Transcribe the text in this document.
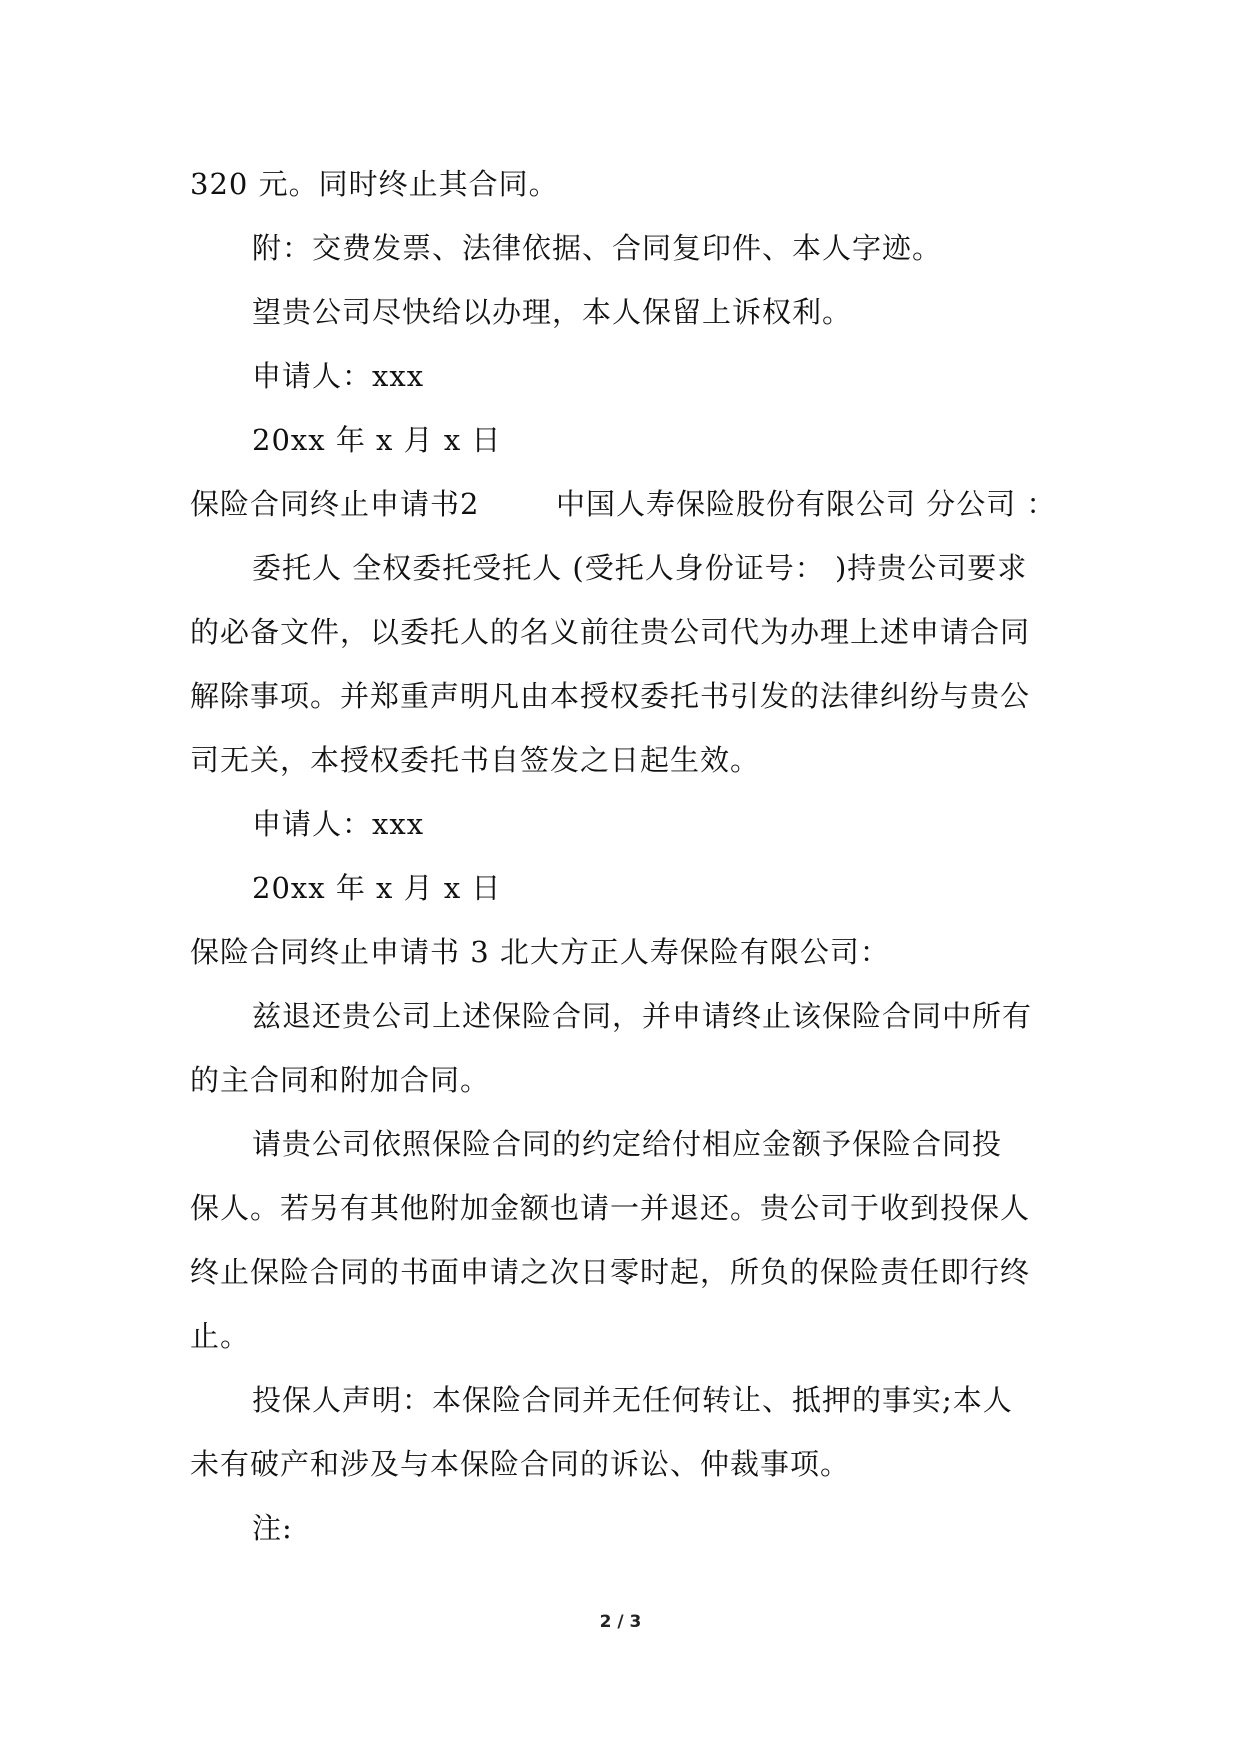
320 元。同时终止其合同。
附：交费发票、法律依据、合同复印件、本人字迹。
望贵公司尽快给以办理，本人保留上诉权利。
申请人：xxx
20xx 年 x 月 x 日
保险合同终止申请书2	中国人寿保险股份有限公司 分公司 ：
委托人 全权委托受托人 (受托人身份证号： )持贵公司要求
的必备文件，以委托人的名义前往贵公司代为办理上述申请合同
解除事项。并郑重声明凡由本授权委托书引发的法律纠纷与贵公
司无关，本授权委托书自签发之日起生效。
申请人：xxx
20xx 年 x 月 x 日
保险合同终止申请书 3 北大方正人寿保险有限公司：
兹退还贵公司上述保险合同，并申请终止该保险合同中所有
的主合同和附加合同。
请贵公司依照保险合同的约定给付相应金额予保险合同投
保人。若另有其他附加金额也请一并退还。贵公司于收到投保人
终止保险合同的书面申请之次日零时起，所负的保险责任即行终
止。
投保人声明：本保险合同并无任何转让、抵押的事实;本人
未有破产和涉及与本保险合同的诉讼、仲裁事项。
注:
2 / 3
